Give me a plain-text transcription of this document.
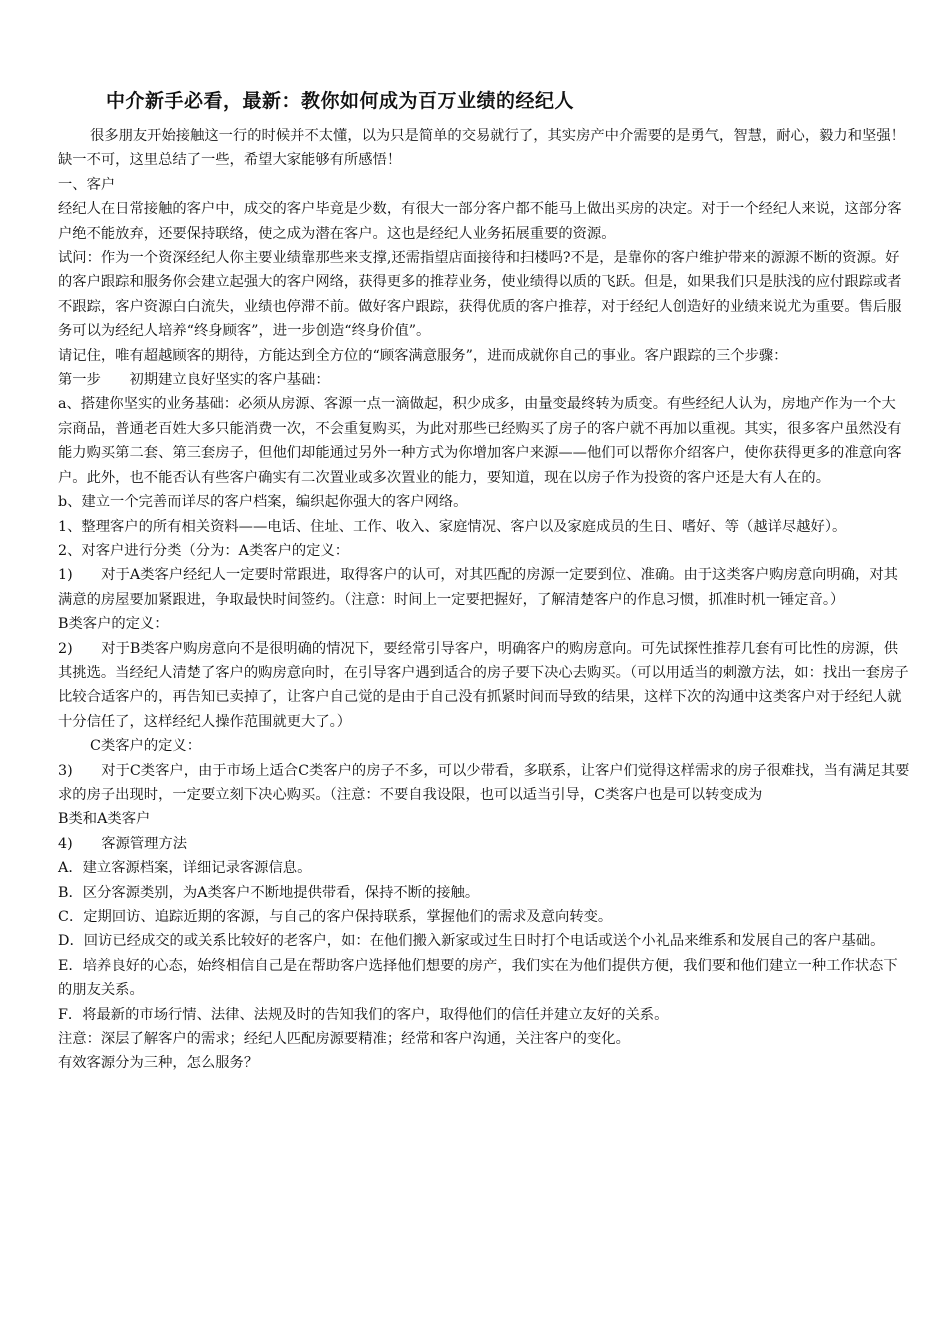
中介新手必看，最新：教你如何成为百万业绩的经纪人

很多朋友开始接触这一行的时候并不太懂，以为只是简单的交易就行了，其实房产中介需要的是勇气，智慧，耐心，毅力和坚强！缺一不可，这里总结了一些，希望大家能够有所感悟！

一、客户

经纪人在日常接触的客户中，成交的客户毕竟是少数，有很大一部分客户都不能马上做出买房的决定。对于一个经纪人来说，这部分客户绝不能放弃，还要保持联络，使之成为潜在客户。这也是经纪人业务拓展重要的资源。

试问：作为一个资深经纪人你主要业绩靠那些来支撑,还需指望店面接待和扫楼吗?不是，是靠你的客户维护带来的源源不断的资源。好的客户跟踪和服务你会建立起强大的客户网络，获得更多的推荐业务，使业绩得以质的飞跃。但是，如果我们只是肤浅的应付跟踪或者不跟踪，客户资源白白流失，业绩也停滞不前。做好客户跟踪，获得优质的客户推荐，对于经纪人创造好的业绩来说尤为重要。售后服务可以为经纪人培养“终身顾客”，进一步创造“终身价值”。

请记住，唯有超越顾客的期待，方能达到全方位的“顾客满意服务”，进而成就你自己的事业。客户跟踪的三个步骤：

第一步　　初期建立良好坚实的客户基础：

a、搭建你坚实的业务基础：必须从房源、客源一点一滴做起，积少成多，由量变最终转为质变。有些经纪人认为，房地产作为一个大宗商品，普通老百姓大多只能消费一次，不会重复购买，为此对那些已经购买了房子的客户就不再加以重视。其实，很多客户虽然没有能力购买第二套、第三套房子，但他们却能通过另外一种方式为你增加客户来源——他们可以帮你介绍客户，使你获得更多的准意向客户。此外，也不能否认有些客户确实有二次置业或多次置业的能力，要知道，现在以房子作为投资的客户还是大有人在的。

b、建立一个完善而详尽的客户档案，编织起你强大的客户网络。

1、整理客户的所有相关资料——电话、住址、工作、收入、家庭情况、客户以及家庭成员的生日、嗜好、等（越详尽越好）。

2、对客户进行分类（分为：A类客户的定义：

1)　　对于A类客户经纪人一定要时常跟进，取得客户的认可，对其匹配的房源一定要到位、准确。由于这类客户购房意向明确，对其满意的房屋要加紧跟进，争取最快时间签约。（注意：时间上一定要把握好，了解清楚客户的作息习惯，抓准时机一锤定音。）

B类客户的定义：

2)　　对于B类客户购房意向不是很明确的情况下，要经常引导客户，明确客户的购房意向。可先试探性推荐几套有可比性的房源，供其挑选。当经纪人清楚了客户的购房意向时，在引导客户遇到适合的房子要下决心去购买。（可以用适当的刺激方法，如：找出一套房子比较合适客户的，再告知已卖掉了，让客户自己觉的是由于自己没有抓紧时间而导致的结果，这样下次的沟通中这类客户对于经纪人就十分信任了，这样经纪人操作范围就更大了。）

C类客户的定义：

3)　　对于C类客户，由于市场上适合C类客户的房子不多，可以少带看，多联系，让客户们觉得这样需求的房子很难找，当有满足其要求的房子出现时，一定要立刻下决心购买。（注意：不要自我设限，也可以适当引导，C类客户也是可以转变成为

B类和A类客户

4)　　客源管理方法

A．建立客源档案，详细记录客源信息。

B．区分客源类别，为A类客户不断地提供带看，保持不断的接触。

C．定期回访、追踪近期的客源，与自己的客户保持联系，掌握他们的需求及意向转变。

D．回访已经成交的或关系比较好的老客户，如：在他们搬入新家或过生日时打个电话或送个小礼品来维系和发展自己的客户基础。

E．培养良好的心态，始终相信自己是在帮助客户选择他们想要的房产，我们实在为他们提供方便，我们要和他们建立一种工作状态下的朋友关系。

F．将最新的市场行情、法律、法规及时的告知我们的客户，取得他们的信任并建立友好的关系。

注意：深层了解客户的需求；经纪人匹配房源要精准；经常和客户沟通，关注客户的变化。

有效客源分为三种，怎么服务？
